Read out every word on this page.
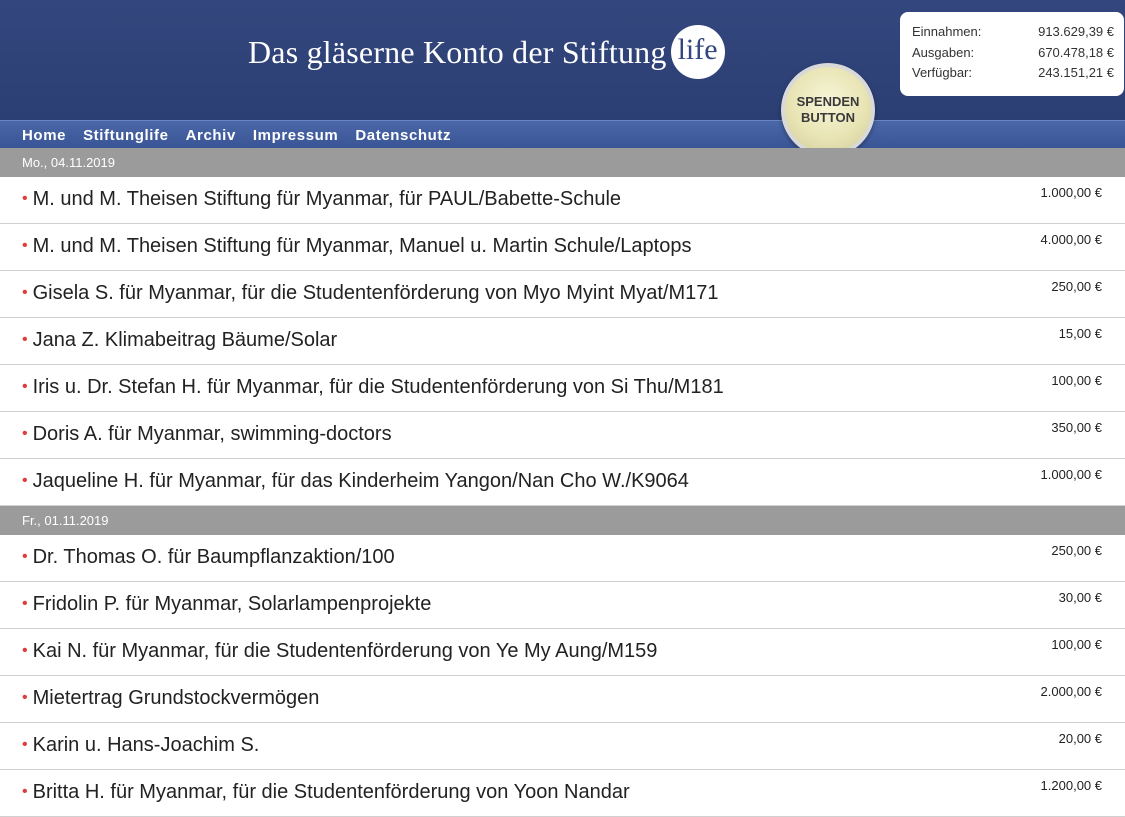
Das gläserne Konto der Stiftung life
Einnahmen:	913.629,39 €
Ausgaben:	670.478,18 €
Verfügbar:	243.151,21 €
Home Stiftunglife Archiv Impressum Datenschutz
SPENDEN
BUTTON
Mo., 04.11.2019
• M. und M. Theisen Stiftung für Myanmar, für PAUL/Babette-Schule	1.000,00 €
• M. und M. Theisen Stiftung für Myanmar, Manuel u. Martin Schule/Laptops	4.000,00 €
• Gisela S. für Myanmar, für die Studentenförderung von Myo Myint Myat/M171	250,00 €
• Jana Z. Klimabeitrag Bäume/Solar	15,00 €
• Iris u. Dr. Stefan H. für Myanmar, für die Studentenförderung von Si Thu/M181	100,00 €
• Doris A. für Myanmar, swimming-doctors	350,00 €
• Jaqueline H. für Myanmar, für das Kinderheim Yangon/Nan Cho W./K9064	1.000,00 €
Fr., 01.11.2019
• Dr. Thomas O. für Baumpflanzaktion/100	250,00 €
• Fridolin P. für Myanmar, Solarlampenprojekte	30,00 €
• Kai N. für Myanmar, für die Studentenförderung von Ye My Aung/M159	100,00 €
• Mietertrag Grundstockvermögen	2.000,00 €
• Karin u. Hans-Joachim S.	20,00 €
• Britta H. für Myanmar, für die Studentenförderung von Yoon Nandar	1.200,00 €
